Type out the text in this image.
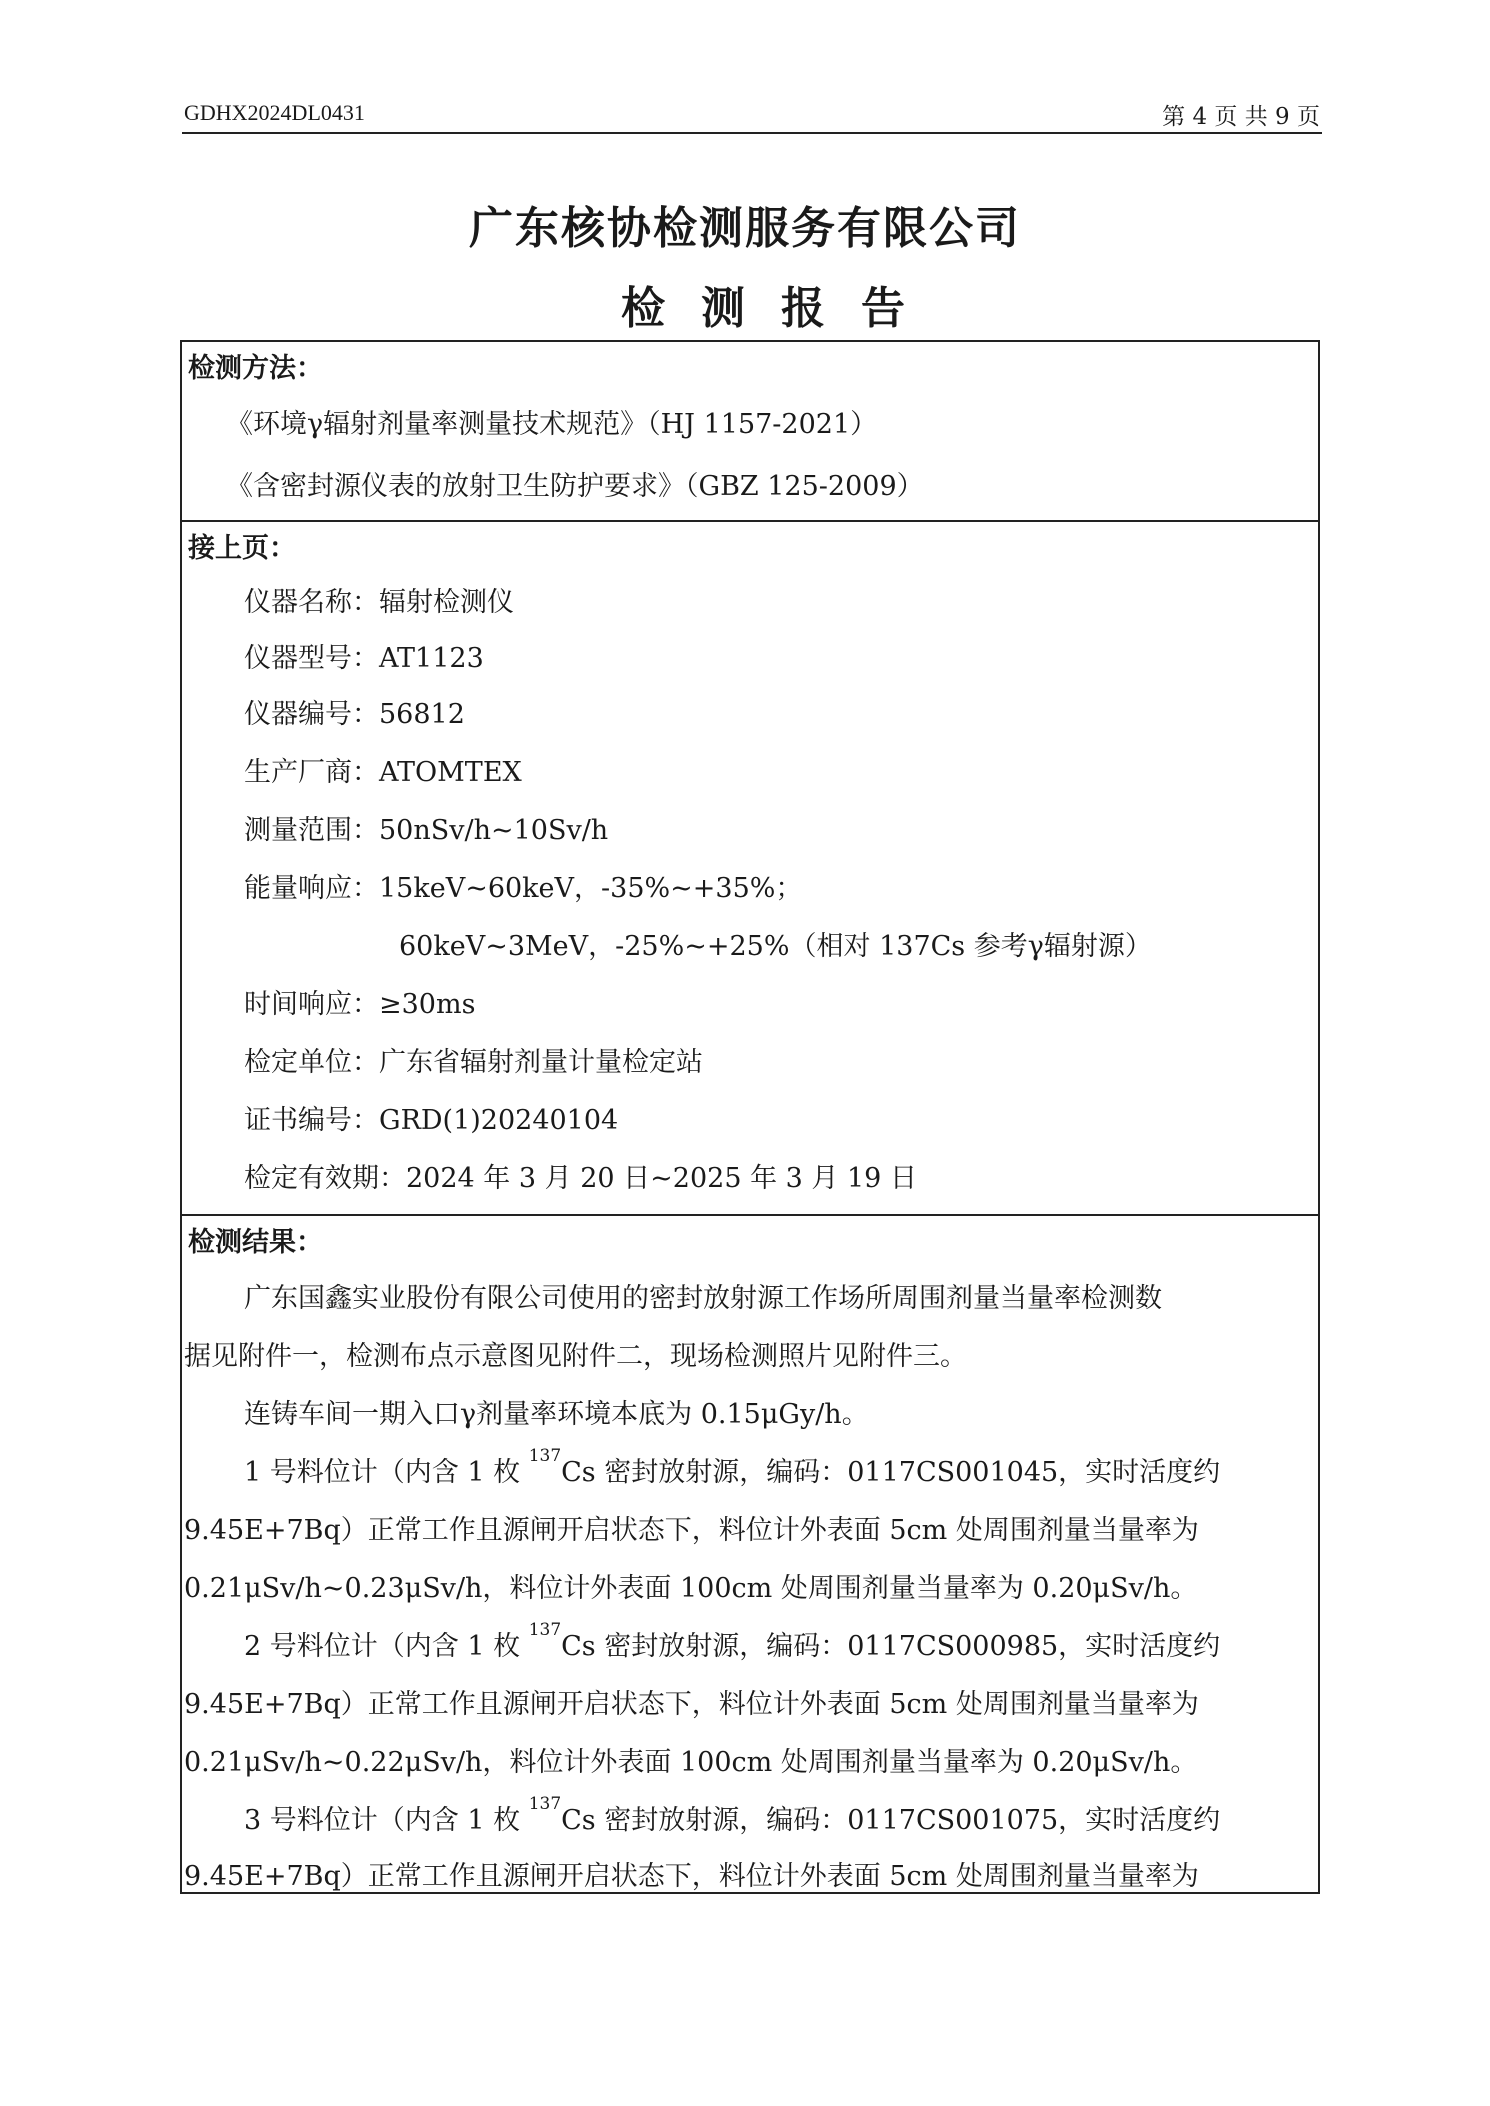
GDHX2024DL0431	第 4 页 共 9 页
广东核协检测服务有限公司
检测报告
检测方法：
《环境γ辐射剂量率测量技术规范》（HJ 1157-2021）
《含密封源仪表的放射卫生防护要求》（GBZ 125-2009）
接上页：
仪器名称：辐射检测仪
仪器型号：AT1123
仪器编号：56812
生产厂商：ATOMTEX
测量范围：50nSv/h~10Sv/h
能量响应：15keV~60keV，-35%~+35%；
60keV~3MeV，-25%~+25%（相对 137Cs 参考γ辐射源）
时间响应：≥30ms
检定单位：广东省辐射剂量计量检定站
证书编号：GRD(1)20240104
检定有效期：2024 年 3 月 20 日~2025 年 3 月 19 日
检测结果：
广东国鑫实业股份有限公司使用的密封放射源工作场所周围剂量当量率检测数
据见附件一，检测布点示意图见附件二，现场检测照片见附件三。
连铸车间一期入口γ剂量率环境本底为 0.15μGy/h。
1 号料位计（内含 1 枚 $^{137}$Cs 密封放射源，编码：0117CS001045，实时活度约
9.45E+7Bq）正常工作且源闸开启状态下，料位计外表面 5cm 处周围剂量当量率为
0.21μSv/h~0.23μSv/h，料位计外表面 100cm 处周围剂量当量率为 0.20μSv/h。
2 号料位计（内含 1 枚 $^{137}$Cs 密封放射源，编码：0117CS000985，实时活度约
9.45E+7Bq）正常工作且源闸开启状态下，料位计外表面 5cm 处周围剂量当量率为
0.21μSv/h~0.22μSv/h，料位计外表面 100cm 处周围剂量当量率为 0.20μSv/h。
3 号料位计（内含 1 枚 $^{137}$Cs 密封放射源，编码：0117CS001075，实时活度约
9.45E+7Bq）正常工作且源闸开启状态下，料位计外表面 5cm 处周围剂量当量率为
